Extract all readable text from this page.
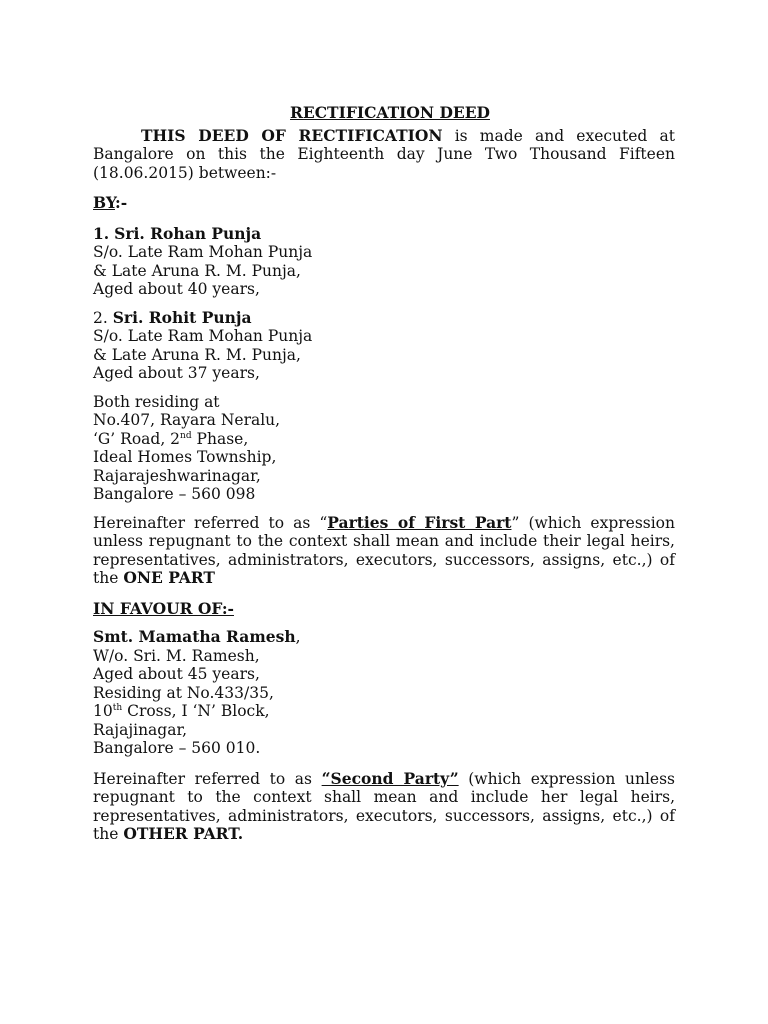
RECTIFICATION DEED

THIS DEED OF RECTIFICATION is made and executed at Bangalore on this the Eighteenth day June Two Thousand Fifteen (18.06.2015) between:-

BY:-

1. Sri. Rohan Punja
S/o. Late Ram Mohan Punja
& Late Aruna R. M. Punja,
Aged about 40 years,
2. Sri. Rohit Punja
S/o. Late Ram Mohan Punja
& Late Aruna R. M. Punja,
Aged about 37 years,
Both residing at
No.407, Rayara Neralu,
‘G’ Road, 2nd Phase,
Ideal Homes Township,
Rajarajeshwarinagar,
Bangalore – 560 098

Hereinafter referred to as “Parties of First Part” (which expression unless repugnant to the context shall mean and include their legal heirs, representatives, administrators, executors, successors, assigns, etc.,) of the ONE PART

IN FAVOUR OF:-

Smt. Mamatha Ramesh,
W/o. Sri. M. Ramesh,
Aged about 45 years,
Residing at No.433/35,
10th Cross, I ‘N’ Block,
Rajajinagar,
Bangalore – 560 010.

Hereinafter referred to as “Second Party” (which expression unless repugnant to the context shall mean and include her legal heirs, representatives, administrators, executors, successors, assigns, etc.,) of the OTHER PART.
